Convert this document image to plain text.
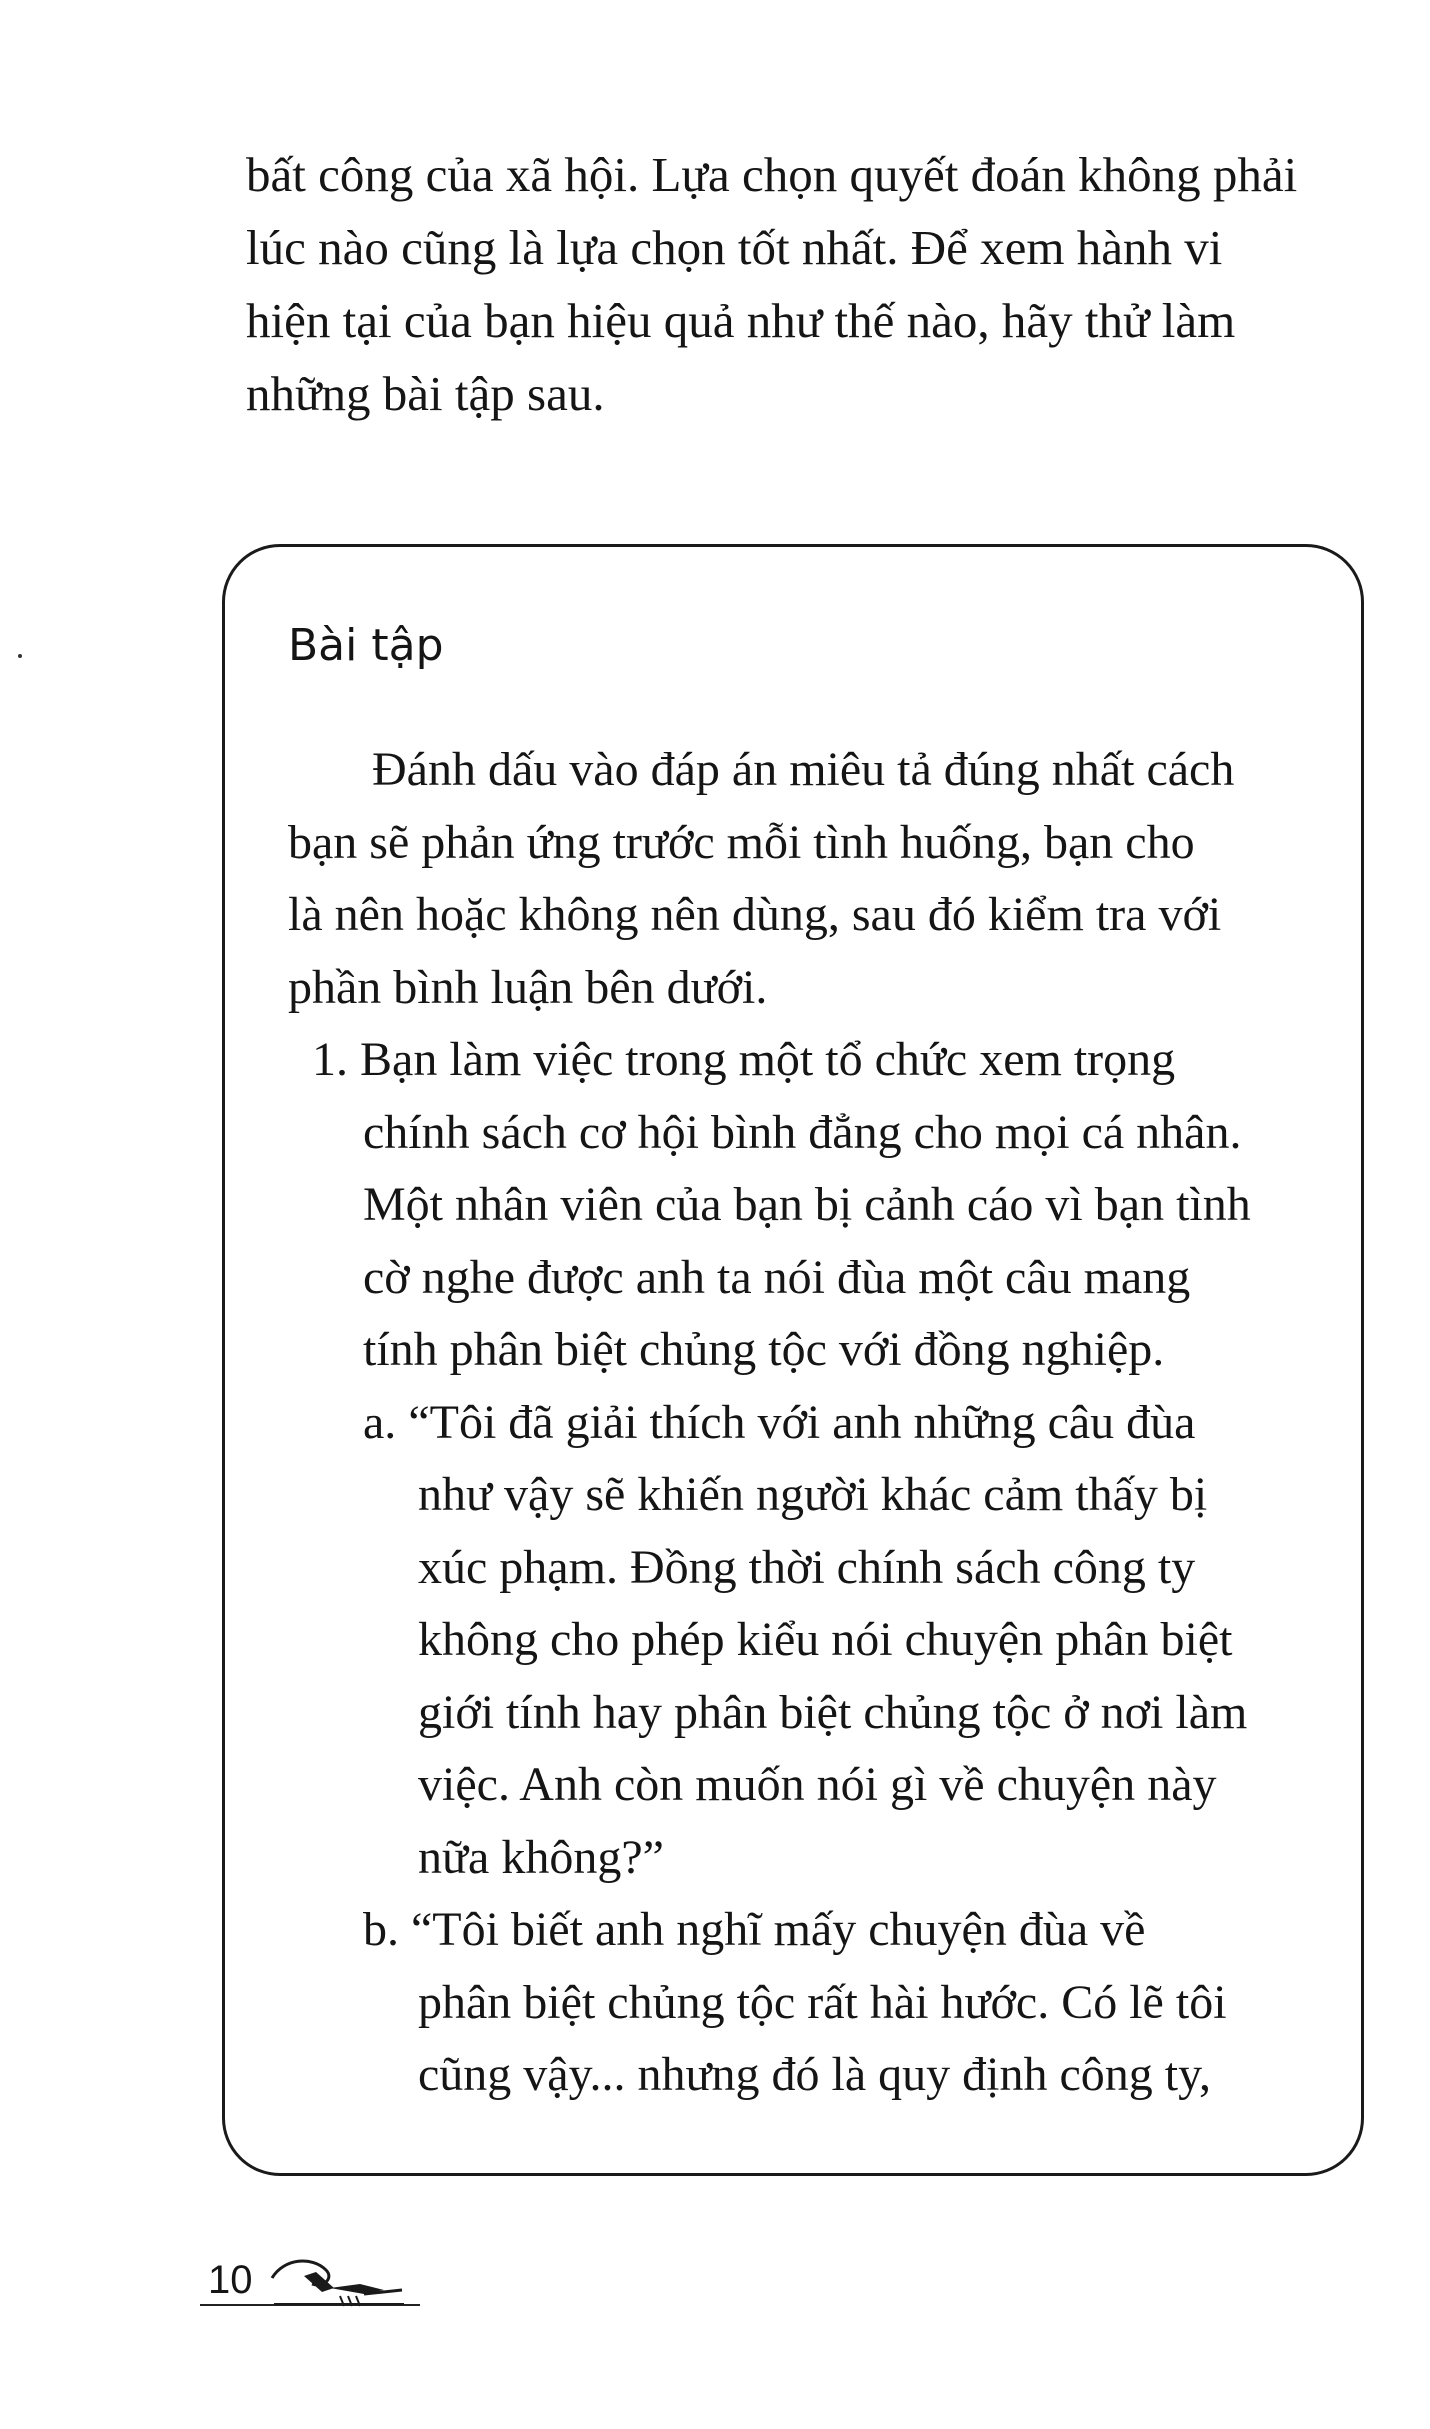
bất công của xã hội. Lựa chọn quyết đoán không phải
lúc nào cũng là lựa chọn tốt nhất. Để xem hành vi
hiện tại của bạn hiệu quả như thế nào, hãy thử làm
những bài tập sau.
Bài tập
Đánh dấu vào đáp án miêu tả đúng nhất cách
bạn sẽ phản ứng trước mỗi tình huống, bạn cho
là nên hoặc không nên dùng, sau đó kiểm tra với
phần bình luận bên dưới.
1. Bạn làm việc trong một tổ chức xem trọng
chính sách cơ hội bình đẳng cho mọi cá nhân.
Một nhân viên của bạn bị cảnh cáo vì bạn tình
cờ nghe được anh ta nói đùa một câu mang
tính phân biệt chủng tộc với đồng nghiệp.
a. “Tôi đã giải thích với anh những câu đùa
như vậy sẽ khiến người khác cảm thấy bị
xúc phạm. Đồng thời chính sách công ty
không cho phép kiểu nói chuyện phân biệt
giới tính hay phân biệt chủng tộc ở nơi làm
việc. Anh còn muốn nói gì về chuyện này
nữa không?”
b. “Tôi biết anh nghĩ mấy chuyện đùa về
phân biệt chủng tộc rất hài hước. Có lẽ tôi
cũng vậy... nhưng đó là quy định công ty,
10
